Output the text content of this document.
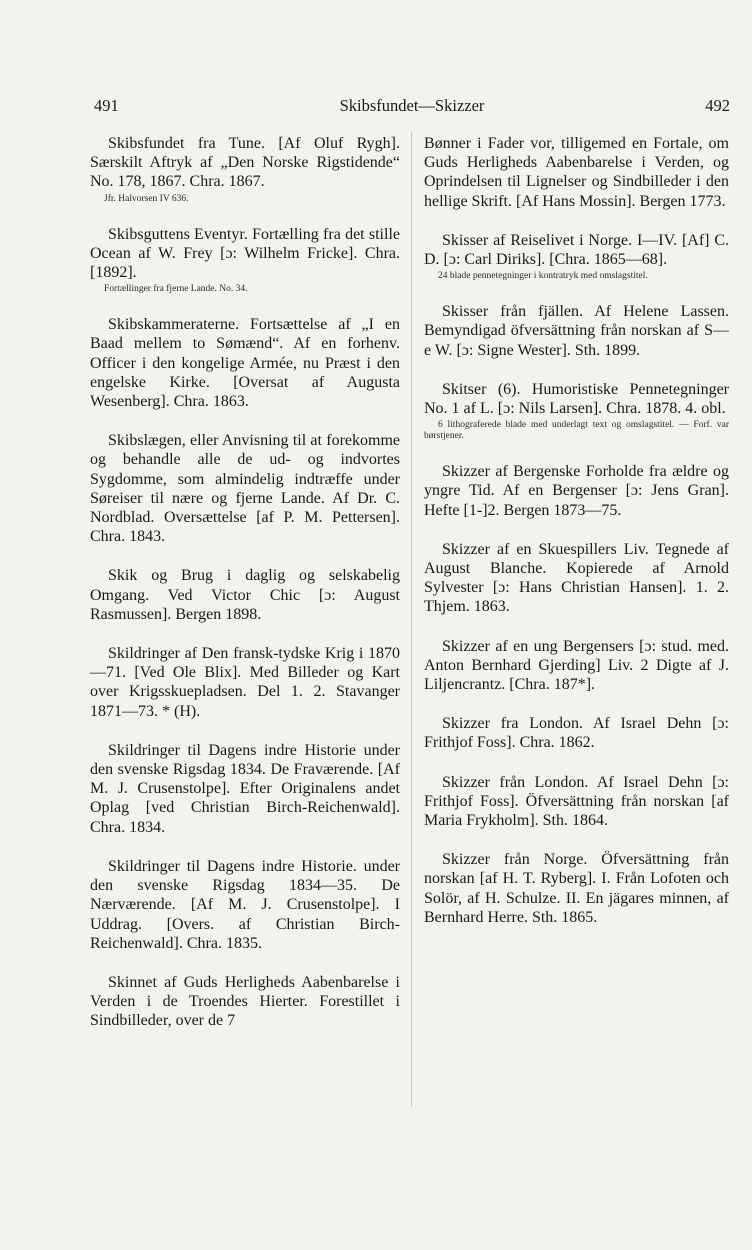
491	Skibsfundet—Skizzer	492
Skibsfundet fra Tune. [Af Oluf Rygh]. Særskilt Aftryk af „Den Norske Rigstidende“ No. 178, 1867. Chra. 1867.
Jfr. Halvorsen IV 636.
Skibsguttens Eventyr. Fortælling fra det stille Ocean af W. Frey [ɔ: Wilhelm Fricke]. Chra. [1892].
Fortællinger fra fjerne Lande. No. 34.
Skibskammeraterne. Fortsættelse af „I en Baad mellem to Sømænd“. Af en forhenv. Officer i den kongelige Armée, nu Præst i den engelske Kirke. [Oversat af Augusta Wesenberg]. Chra. 1863.
Skibslægen, eller Anvisning til at forekomme og behandle alle de ud- og indvortes Sygdomme, som almindelig indtræffe under Søreiser til nære og fjerne Lande. Af Dr. C. Nordblad. Oversættelse [af P. M. Pettersen]. Chra. 1843.
Skik og Brug i daglig og selskabelig Omgang. Ved Victor Chic [ɔ: August Rasmussen]. Bergen 1898.
Skildringer af Den fransk-tydske Krig i 1870—71. [Ved Ole Blix]. Med Billeder og Kart over Krigsskuepladsen. Del 1. 2. Stavanger 1871—73. * (H).
Skildringer til Dagens indre Historie under den svenske Rigsdag 1834. De Fraværende. [Af M. J. Crusenstolpe]. Efter Originalens andet Oplag [ved Christian Birch-Reichenwald]. Chra. 1834.
Skildringer til Dagens indre Historie. under den svenske Rigsdag 1834—35. De Nærværende. [Af M. J. Crusenstolpe]. I Uddrag. [Overs. af Christian Birch-Reichenwald]. Chra. 1835.
Skinnet af Guds Herligheds Aabenbarelse i Verden i de Troendes Hierter. Forestillet i Sindbilleder, over de 7
Bønner i Fader vor, tilligemed en Fortale, om Guds Herligheds Aabenbarelse i Verden, og Oprindelsen til Lignelser og Sindbilleder i den hellige Skrift. [Af Hans Mossin]. Bergen 1773.
Skisser af Reiselivet i Norge. I—IV. [Af] C. D. [ɔ: Carl Diriks]. [Chra. 1865—68].
24 blade pennetegninger i kontratryk med omslagstitel.
Skisser från fjällen. Af Helene Lassen. Bemyndigad öfversättning från norskan af S—e W. [ɔ: Signe Wester]. Sth. 1899.
Skitser (6). Humoristiske Pennetegninger No. 1 af L. [ɔ: Nils Larsen]. Chra. 1878. 4. obl.
6 lithograferede blade med underlagt text og omslagstitel. — Forf. var børstjener.
Skizzer af Bergenske Forholde fra ældre og yngre Tid. Af en Bergenser [ɔ: Jens Gran]. Hefte [1-]2. Bergen 1873—75.
Skizzer af en Skuespillers Liv. Tegnede af August Blanche. Kopierede af Arnold Sylvester [ɔ: Hans Christian Hansen]. 1. 2. Thjem. 1863.
Skizzer af en ung Bergensers [ɔ: stud. med. Anton Bernhard Gjerding] Liv. 2 Digte af J. Liljencrantz. [Chra. 187*].
Skizzer fra London. Af Israel Dehn [ɔ: Frithjof Foss]. Chra. 1862.
Skizzer från London. Af Israel Dehn [ɔ: Frithjof Foss]. Öfversättning från norskan [af Maria Frykholm]. Sth. 1864.
Skizzer från Norge. Öfversättning från norskan [af H. T. Ryberg]. I. Från Lofoten och Solör, af H. Schulze. II. En jägares minnen, af Bernhard Herre. Sth. 1865.
